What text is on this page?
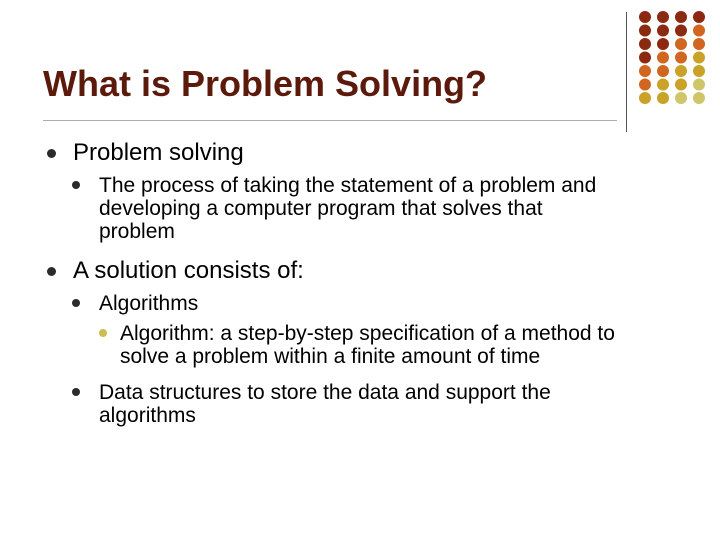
What is Problem Solving?
Problem solving
The process of taking the statement of a problem and developing a computer program that solves that problem
A solution consists of:
Algorithms
Algorithm: a step-by-step specification of a method to solve a problem within a finite amount of time
Data structures to store the data and support the algorithms
